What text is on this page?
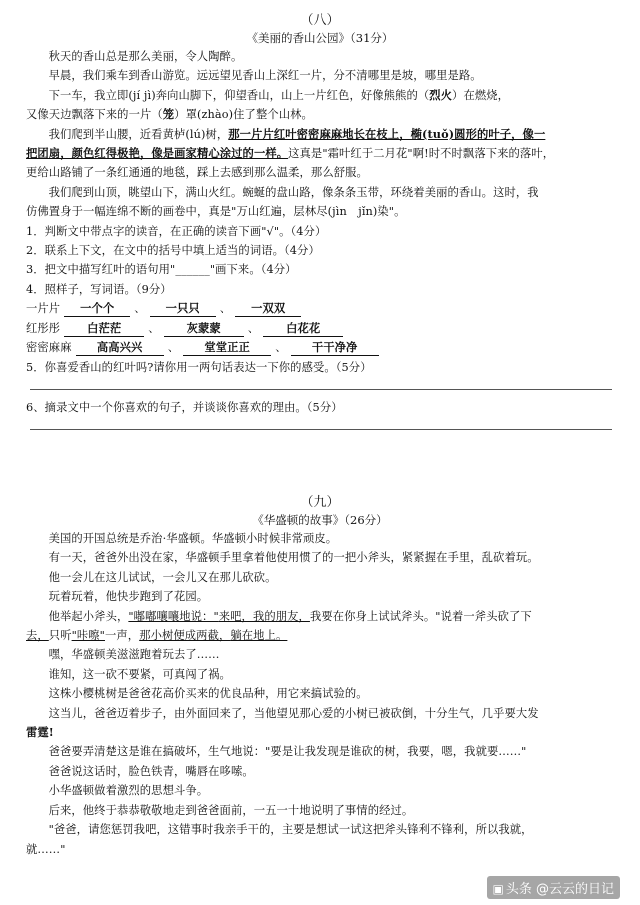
（八）
《美丽的香山公园》（31分）

秋天的香山总是那么美丽，令人陶醉。

早晨，我们乘车到香山游览。远远望见香山上深红一片，分不清哪里是坡，哪里是路。

下一车，我立即(jí jì)奔向山脚下，仰望香山，山上一片红色，好像熊熊的（烈火）在燃烧，

又像天边飘落下来的一片（笼）罩(zhào)住了整个山林。

我们爬到半山腰，近看黄栌(lú)树，那一片片红叶密密麻麻地长在枝上，椭(tuǒ)圆形的叶子，像一

把团扇，颜色红得极艳，像是画家精心涂过的一样。这真是"霜叶红于二月花"啊!时不时飘落下来的落叶，

更给山路铺了一条红通通的地毯，踩上去感到那么温柔，那么舒服。

我们爬到山顶，眺望山下，满山火红。蜿蜒的盘山路，像条条玉带，环绕着美丽的香山。这时，我

仿佛置身于一幅连绵不断的画卷中，真是"万山红遍，层林尽(jìn　jǐn)染"。

1．判断文中带点字的读音，在正确的读音下画"√"。（4分）

2．联系上下文，在文中的括号中填上适当的词语。（4分）

3．把文中描写红叶的语句用"______"画下来。（4分）

4．照样子，写词语。（9分）

一片片 一个个 、 一只只 、 一双双

红彤彤 白茫茫 、 灰蒙蒙 、 白花花

密密麻麻 高高兴兴 、 堂堂正正 、 干干净净

5．你喜爱香山的红叶吗?请你用一两句话表达一下你的感受。（5分）

6、摘录文中一个你喜欢的句子，并谈谈你喜欢的理由。（5分）

（九）
《华盛顿的故事》（26分）

美国的开国总统是乔治·华盛顿。华盛顿小时候非常顽皮。

有一天，爸爸外出没在家，华盛顿手里拿着他使用惯了的一把小斧头，紧紧握在手里，乱砍着玩。

他一会儿在这儿试试，一会儿又在那儿砍砍。

玩着玩着，他快步跑到了花园。

他举起小斧头，"嘟嘟嚷嚷地说："来吧，我的朋友，我要在你身上试试斧头。"说着一斧头砍了下

去，只听"咔嚓"一声，那小树便成两截，躺在地上。

嘿，华盛顿美滋滋跑着玩去了……

谁知，这一砍不要紧，可真闯了祸。

这株小樱桃树是爸爸花高价买来的优良品种，用它来搞试验的。

这当儿，爸爸迈着步子，由外面回来了，当他望见那心爱的小树已被砍倒，十分生气，几乎要大发

雷霆!

爸爸要弄清楚这是谁在搞破坏，生气地说："要是让我发现是谁砍的树，我要，嗯，我就要……"

爸爸说这话时，脸色铁青，嘴唇在哆嗦。

小华盛顿做着激烈的思想斗争。

后来，他终于恭恭敬敬地走到爸爸面前，一五一十地说明了事情的经过。

"爸爸，请您惩罚我吧，这错事时我亲手干的，主要是想试一试这把斧头锋利不锋利，所以我就，

就……"

▣ 头条 @云云的日记
